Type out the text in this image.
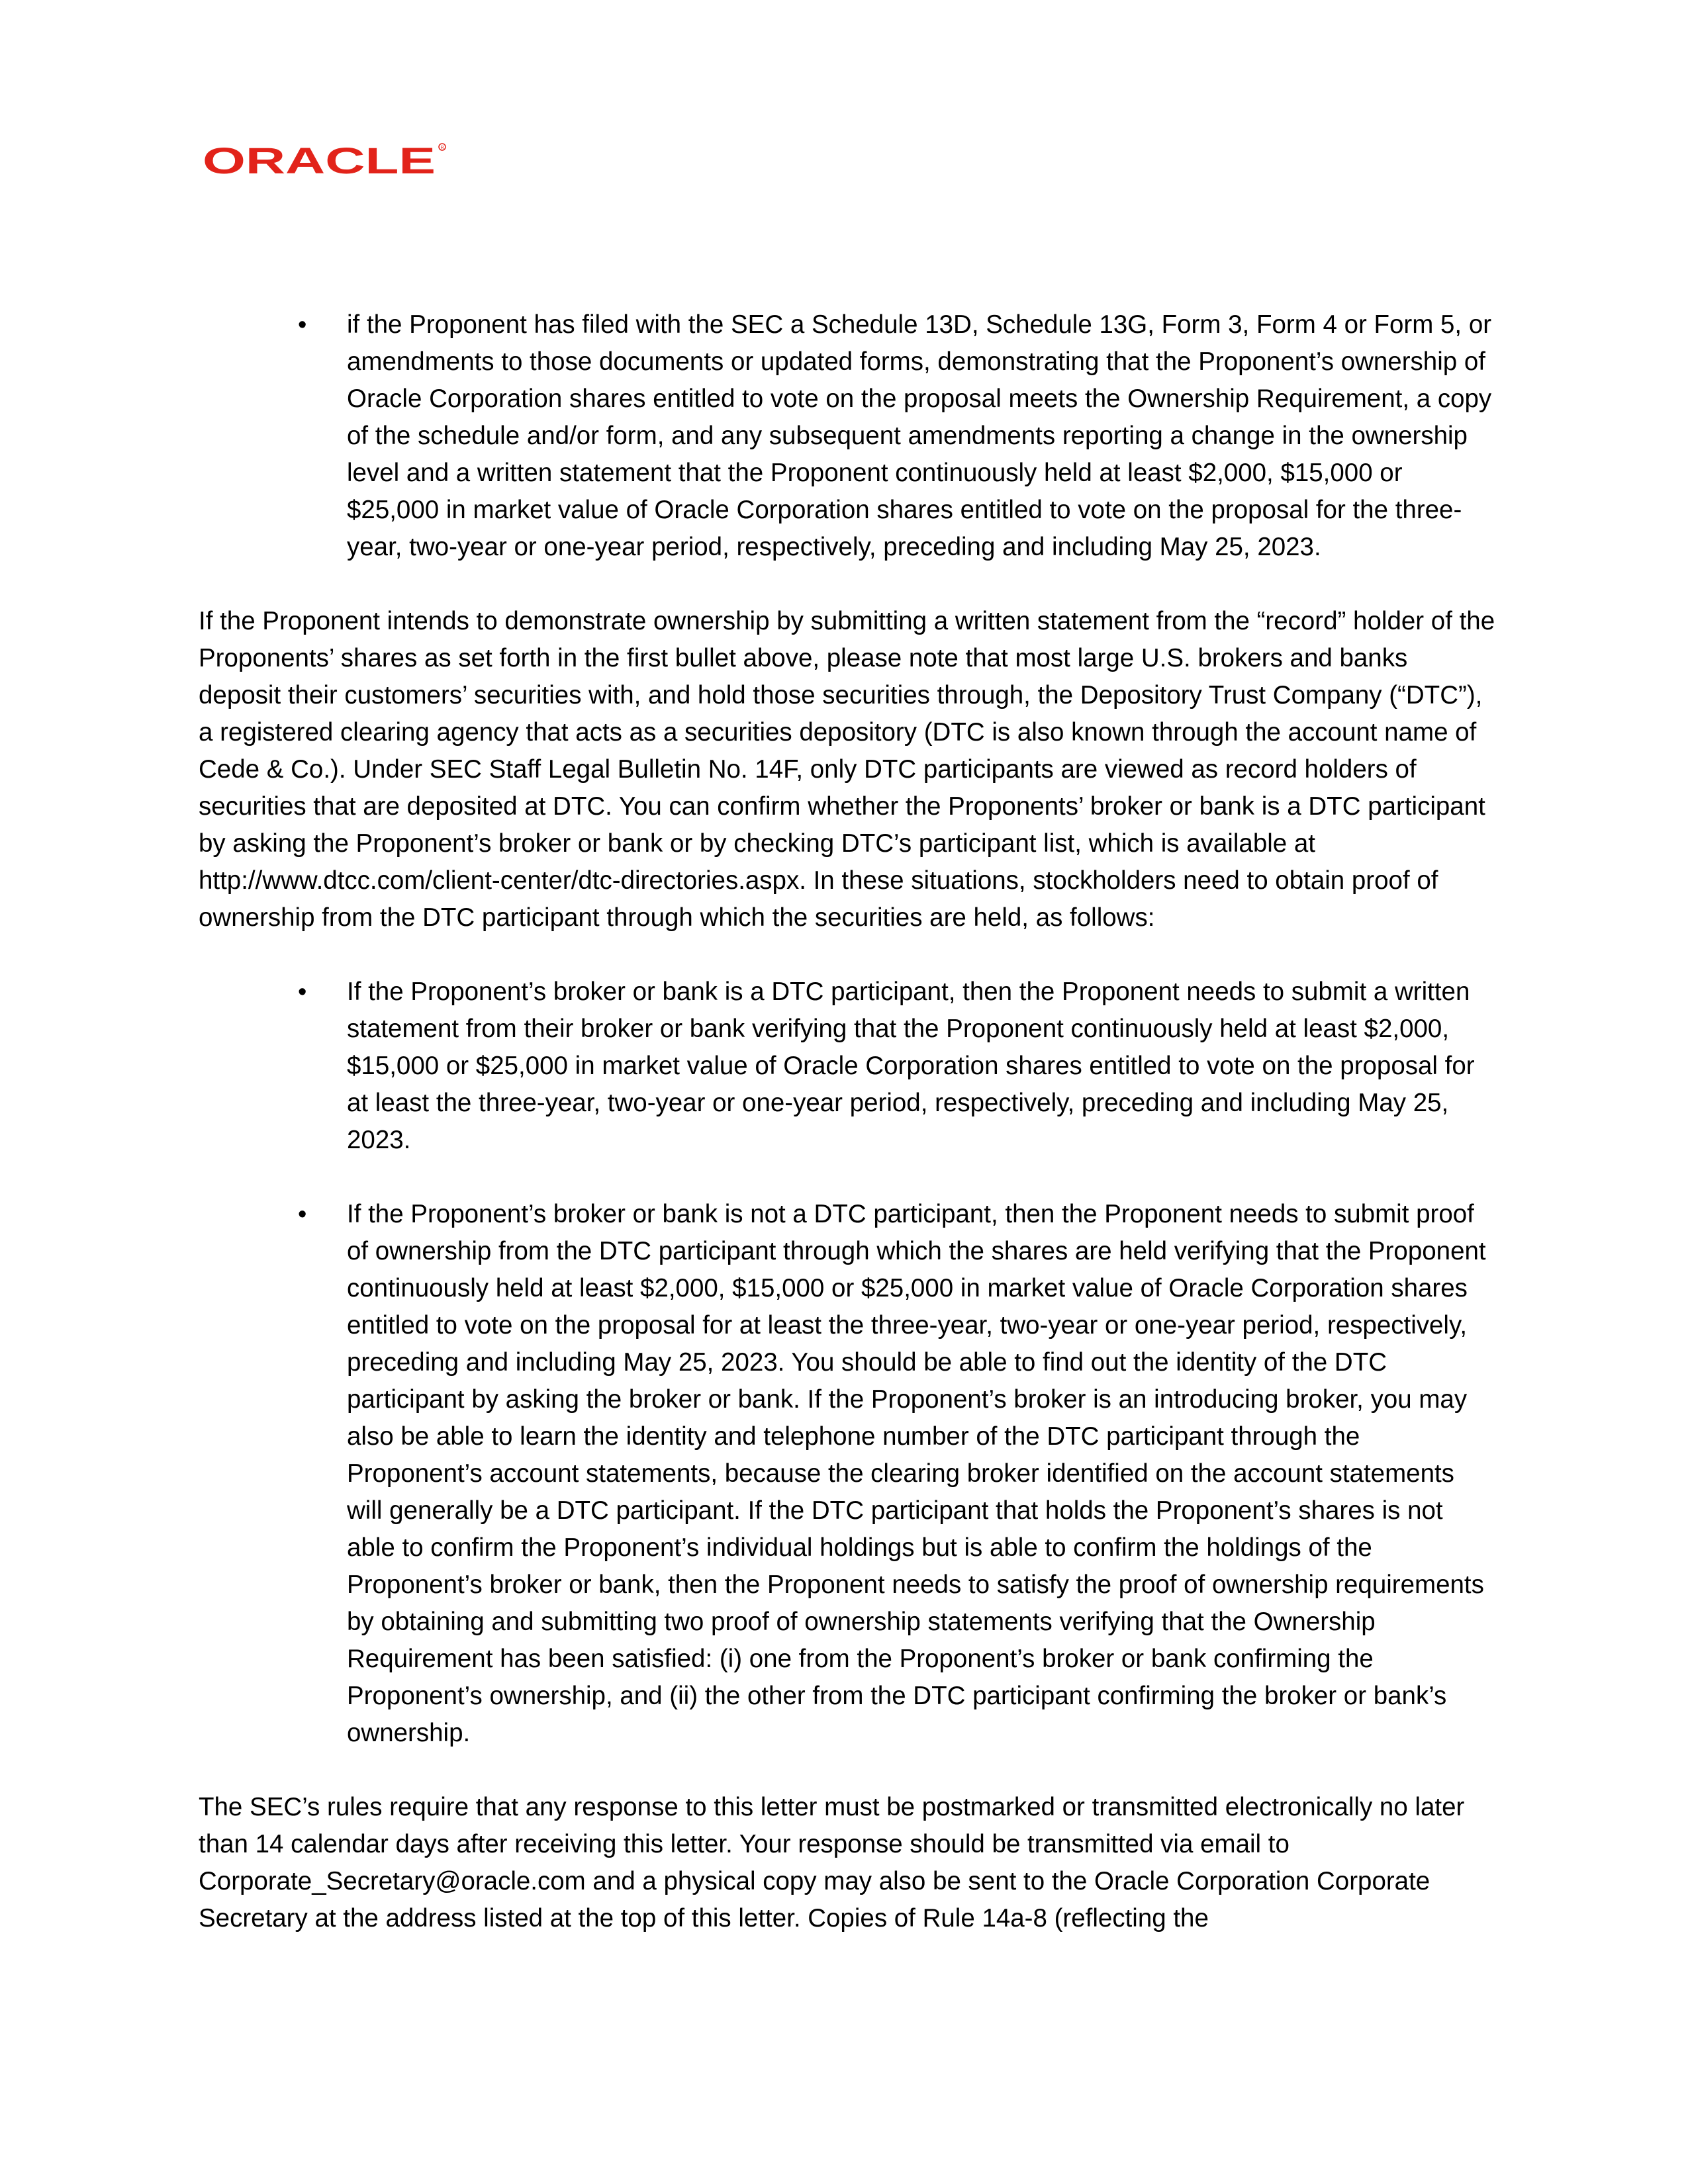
ORACLE R
• if the Proponent has filed with the SEC a Schedule 13D, Schedule 13G, Form 3, Form 4 or Form 5, or amendments to those documents or updated forms, demonstrating that the Proponent’s ownership of Oracle Corporation shares entitled to vote on the proposal meets the Ownership Requirement, a copy of the schedule and/or form, and any subsequent amendments reporting a change in the ownership level and a written statement that the Proponent continuously held at least $2,000, $15,000 or $25,000 in market value of Oracle Corporation shares entitled to vote on the proposal for the three-year, two-year or one-year period, respectively, preceding and including May 25, 2023.

If the Proponent intends to demonstrate ownership by submitting a written statement from the “record” holder of the Proponents’ shares as set forth in the first bullet above, please note that most large U.S. brokers and banks deposit their customers’ securities with, and hold those securities through, the Depository Trust Company (“DTC”), a registered clearing agency that acts as a securities depository (DTC is also known through the account name of Cede & Co.). Under SEC Staff Legal Bulletin No. 14F, only DTC participants are viewed as record holders of securities that are deposited at DTC. You can confirm whether the Proponents’ broker or bank is a DTC participant by asking the Proponent’s broker or bank or by checking DTC’s participant list, which is available at http://www.dtcc.com/client-center/dtc-directories.aspx. In these situations, stockholders need to obtain proof of ownership from the DTC participant through which the securities are held, as follows:

• If the Proponent’s broker or bank is a DTC participant, then the Proponent needs to submit a written statement from their broker or bank verifying that the Proponent continuously held at least $2,000, $15,000 or $25,000 in market value of Oracle Corporation shares entitled to vote on the proposal for at least the three-year, two-year or one-year period, respectively, preceding and including May 25, 2023.

• If the Proponent’s broker or bank is not a DTC participant, then the Proponent needs to submit proof of ownership from the DTC participant through which the shares are held verifying that the Proponent continuously held at least $2,000, $15,000 or $25,000 in market value of Oracle Corporation shares entitled to vote on the proposal for at least the three-year, two-year or one-year period, respectively, preceding and including May 25, 2023. You should be able to find out the identity of the DTC participant by asking the broker or bank. If the Proponent’s broker is an introducing broker, you may also be able to learn the identity and telephone number of the DTC participant through the Proponent’s account statements, because the clearing broker identified on the account statements will generally be a DTC participant. If the DTC participant that holds the Proponent’s shares is not able to confirm the Proponent’s individual holdings but is able to confirm the holdings of the Proponent’s broker or bank, then the Proponent needs to satisfy the proof of ownership requirements by obtaining and submitting two proof of ownership statements verifying that the Ownership Requirement has been satisfied: (i) one from the Proponent’s broker or bank confirming the Proponent’s ownership, and (ii) the other from the DTC participant confirming the broker or bank’s ownership.

The SEC’s rules require that any response to this letter must be postmarked or transmitted electronically no later than 14 calendar days after receiving this letter. Your response should be transmitted via email to Corporate_Secretary@oracle.com and a physical copy may also be sent to the Oracle Corporation Corporate Secretary at the address listed at the top of this letter. Copies of Rule 14a-8 (reflecting the
